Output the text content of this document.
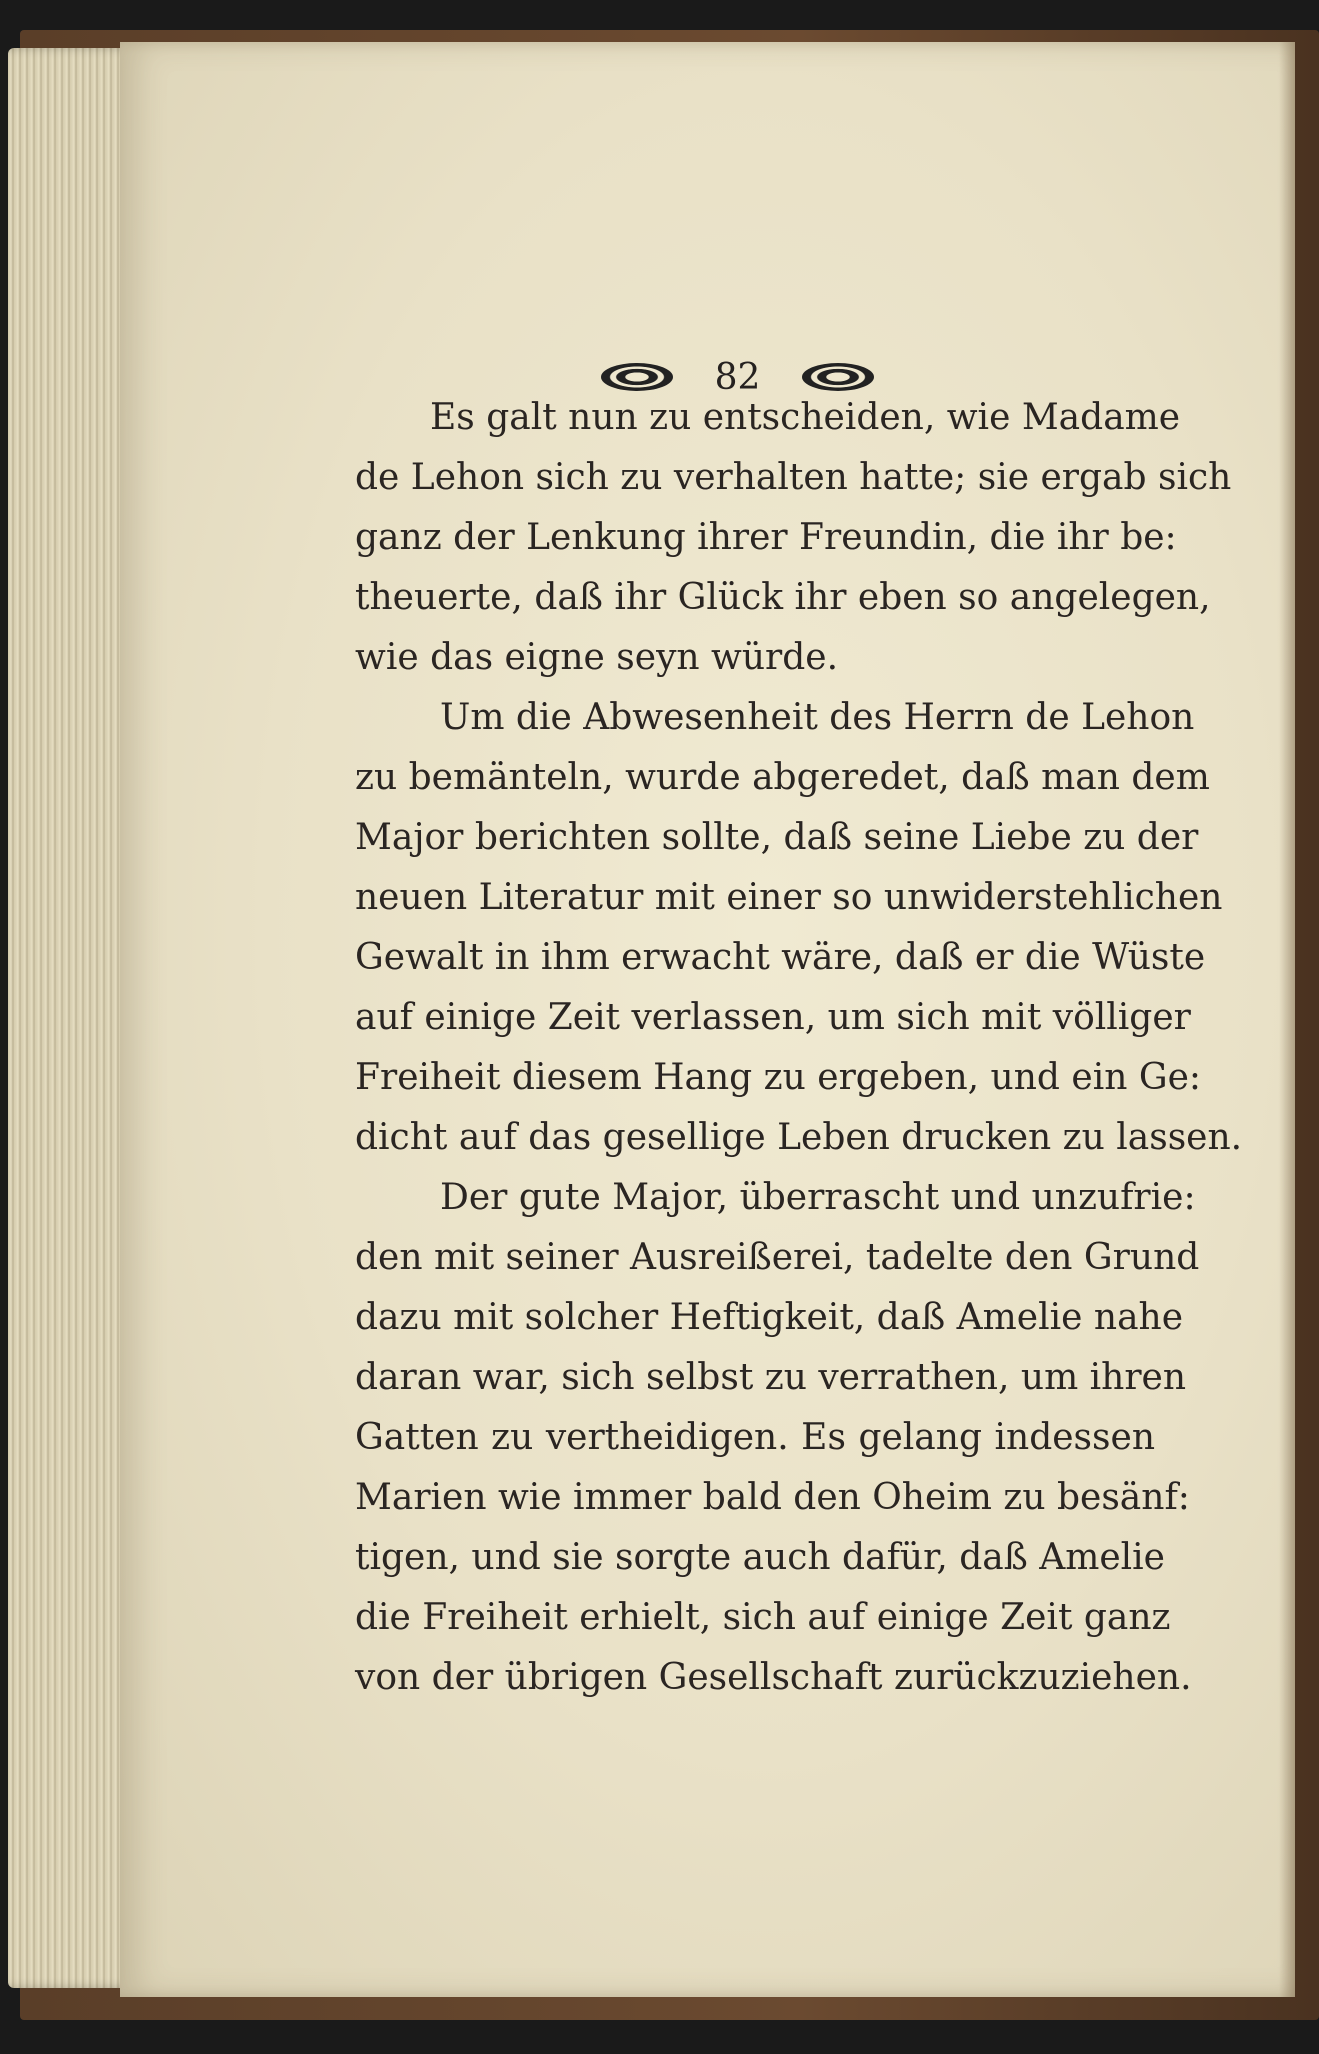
82
Es galt nun zu entscheiden, wie Madame
de Lehon sich zu verhalten hatte; sie ergab sich
ganz der Lenkung ihrer Freundin, die ihr be:
theuerte, daß ihr Glück ihr eben so angelegen,
wie das eigne seyn würde.
Um die Abwesenheit des Herrn de Lehon
zu bemänteln, wurde abgeredet, daß man dem
Major berichten sollte, daß seine Liebe zu der
neuen Literatur mit einer so unwiderstehlichen
Gewalt in ihm erwacht wäre, daß er die Wüste
auf einige Zeit verlassen, um sich mit völliger
Freiheit diesem Hang zu ergeben, und ein Ge:
dicht auf das gesellige Leben drucken zu lassen.
Der gute Major, überrascht und unzufrie:
den mit seiner Ausreißerei, tadelte den Grund
dazu mit solcher Heftigkeit, daß Amelie nahe
daran war, sich selbst zu verrathen, um ihren
Gatten zu vertheidigen. Es gelang indessen
Marien wie immer bald den Oheim zu besänf:
tigen, und sie sorgte auch dafür, daß Amelie
die Freiheit erhielt, sich auf einige Zeit ganz
von der übrigen Gesellschaft zurückzuziehen.
